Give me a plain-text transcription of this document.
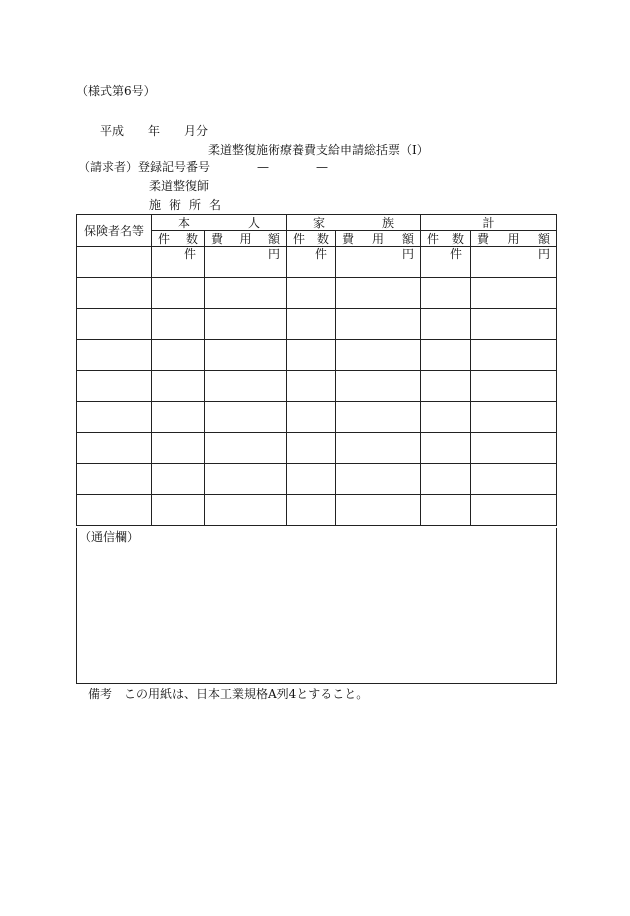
（様式第6号）
平成 年 月分
柔道整復施術療養費支給申請総括票（Ⅰ）
（請求者）登録記号番号	—	—
柔道整復師
施 術 所 名
保険者名等	本 人		家 族		計	

	件 数	費 用 額	件 数	費 用 額	件 数	費 用 額

	件	円	件	円	件	円

（通信欄）
備考　この用紙は、日本工業規格A列4とすること。
